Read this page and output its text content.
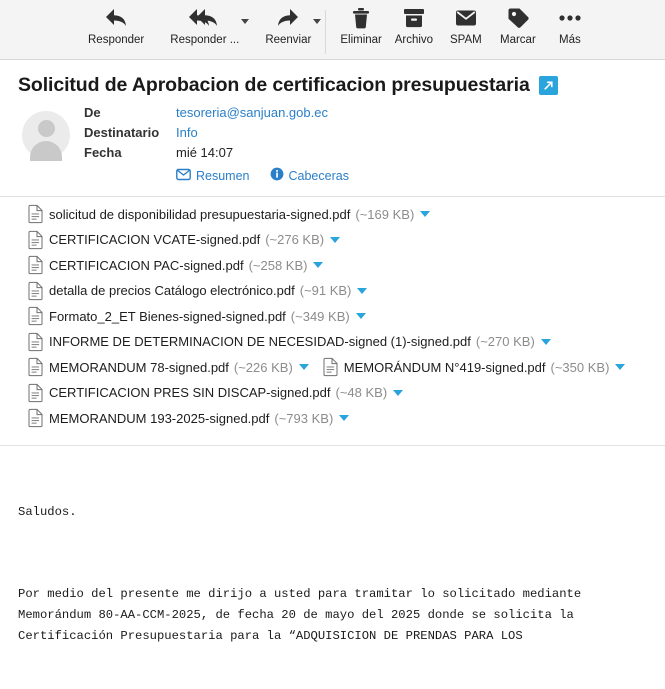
Responder Responder ... Reenviar	Eliminar Archivo SPAM Marcar Más
Solicitud de Aprobacion de certificacion presupuestaria
De	tesoreria@sanjuan.gob.ec
Destinatario	Info
Fecha	mié 14:07
Resumen	Cabeceras
solicitud de disponibilidad presupuestaria-signed.pdf (~169 KB)
CERTIFICACION VCATE-signed.pdf (~276 KB)
CERTIFICACION PAC-signed.pdf (~258 KB)
detalla de precios Catálogo electrónico.pdf (~91 KB)
Formato_2_ET Bienes-signed-signed.pdf (~349 KB)
INFORME DE DETERMINACION DE NECESIDAD-signed (1)-signed.pdf (~270 KB)
MEMORANDUM 78-signed.pdf (~226 KB)	MEMORÁNDUM N°419-signed.pdf (~350 KB)
CERTIFICACION PRES SIN DISCAP-signed.pdf (~48 KB)
MEMORANDUM 193-2025-signed.pdf (~793 KB)

Saludos.

Por medio del presente me dirijo a usted para tramitar lo solicitado mediante Memorándum 80-AA-CCM-2025, de fecha 20 de mayo del 2025 donde se solicita la Certificación Presupuestaria para la “ADQUISICION DE PRENDAS PARA LOS
